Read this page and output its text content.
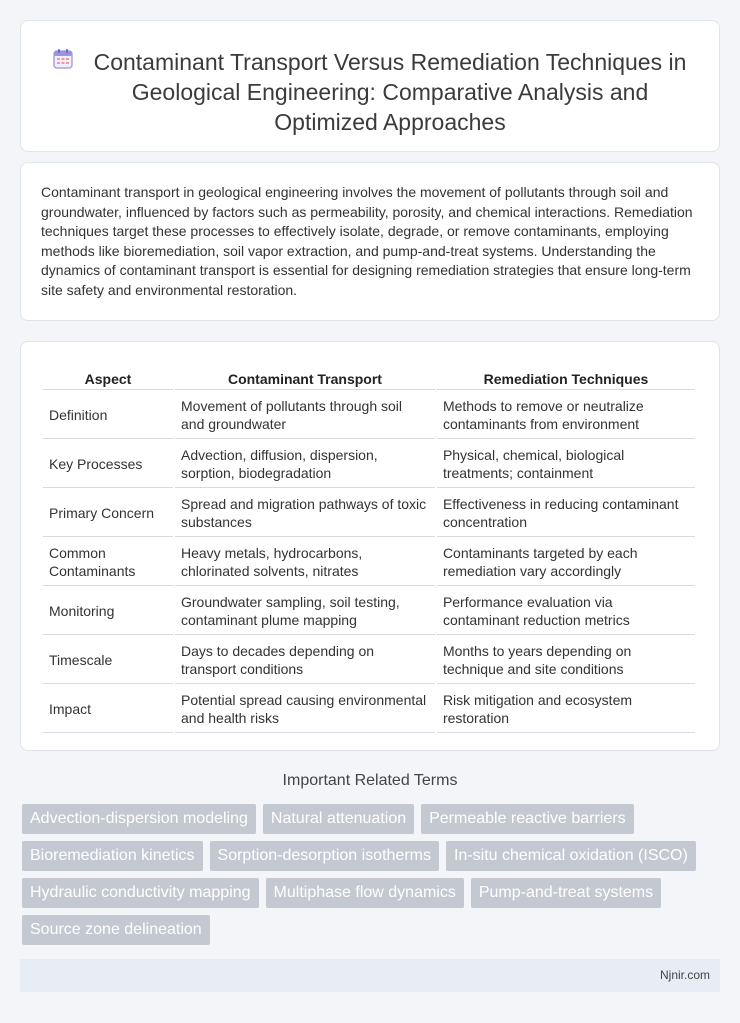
Contaminant Transport Versus Remediation Techniques in Geological Engineering: Comparative Analysis and Optimized Approaches

Contaminant transport in geological engineering involves the movement of pollutants through soil and groundwater, influenced by factors such as permeability, porosity, and chemical interactions. Remediation techniques target these processes to effectively isolate, degrade, or remove contaminants, employing methods like bioremediation, soil vapor extraction, and pump-and-treat systems. Understanding the dynamics of contaminant transport is essential for designing remediation strategies that ensure long-term site safety and environmental restoration.

Aspect	Contaminant Transport	Remediation Techniques
Definition	Movement of pollutants through soil and groundwater	Methods to remove or neutralize contaminants from environment
Key Processes	Advection, diffusion, dispersion, sorption, biodegradation	Physical, chemical, biological treatments; containment
Primary Concern	Spread and migration pathways of toxic substances	Effectiveness in reducing contaminant concentration
Common Contaminants	Heavy metals, hydrocarbons, chlorinated solvents, nitrates	Contaminants targeted by each remediation vary accordingly
Monitoring	Groundwater sampling, soil testing, contaminant plume mapping	Performance evaluation via contaminant reduction metrics
Timescale	Days to decades depending on transport conditions	Months to years depending on technique and site conditions
Impact	Potential spread causing environmental and health risks	Risk mitigation and ecosystem restoration
Important Related Terms
Advection-dispersion modeling	Natural attenuation	Permeable reactive barriers
Bioremediation kinetics	Sorption-desorption isotherms	In-situ chemical oxidation (ISCO)
Hydraulic conductivity mapping	Multiphase flow dynamics	Pump-and-treat systems
Source zone delineation
Njnir.com
